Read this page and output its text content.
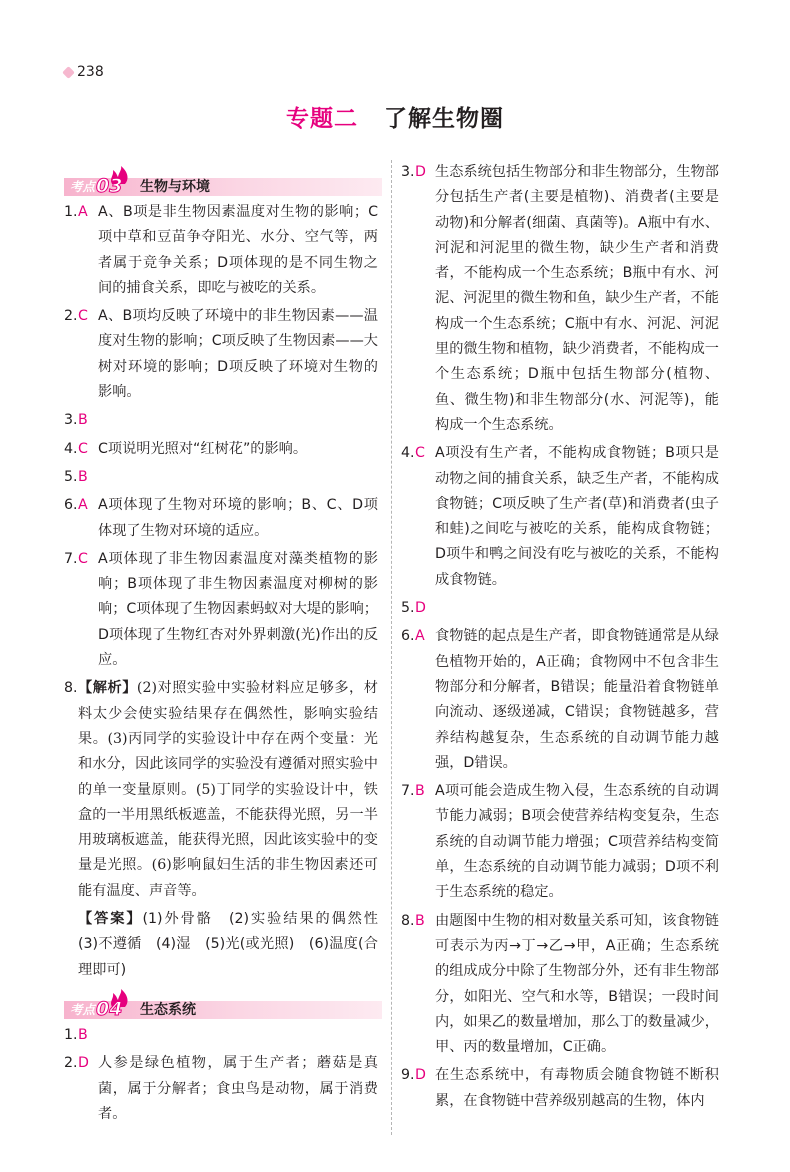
238
专题二 了解生物圈
考点 03 生物与环境
1. A A、B项是非生物因素温度对生物的影响；C项中草和豆苗争夺阳光、水分、空气等，两者属于竞争关系；D项体现的是不同生物之间的捕食关系，即吃与被吃的关系。
2. C A、B项均反映了环境中的非生物因素——温度对生物的影响；C项反映了生物因素——大树对环境的影响；D项反映了环境对生物的影响。
3. B
4. C C项说明光照对“红树花”的影响。
5. B
6. A A项体现了生物对环境的影响；B、C、D项体现了生物对环境的适应。
7. C A项体现了非生物因素温度对藻类植物的影响；B项体现了非生物因素温度对柳树的影响；C项体现了生物因素蚂蚁对大堤的影响；D项体现了生物红杏对外界刺激(光)作出的反应。
8. 【解析】(2)对照实验中实验材料应足够多，材料太少会使实验结果存在偶然性，影响实验结果。(3)丙同学的实验设计中存在两个变量：光和水分，因此该同学的实验没有遵循对照实验中的单一变量原则。(5)丁同学的实验设计中，铁盒的一半用黑纸板遮盖，不能获得光照，另一半用玻璃板遮盖，能获得光照，因此该实验中的变量是光照。(6)影响鼠妇生活的非生物因素还可能有温度、声音等。
【答案】(1)外骨骼　(2)实验结果的偶然性　(3)不遵循　(4)湿　(5)光(或光照)　(6)温度(合理即可)
考点 04 生态系统
1. B
2. D 人参是绿色植物，属于生产者；蘑菇是真菌，属于分解者；食虫鸟是动物，属于消费者。
3. D 生态系统包括生物部分和非生物部分，生物部分包括生产者(主要是植物)、消费者(主要是动物)和分解者(细菌、真菌等)。A瓶中有水、河泥和河泥里的微生物，缺少生产者和消费者，不能构成一个生态系统；B瓶中有水、河泥、河泥里的微生物和鱼，缺少生产者，不能构成一个生态系统；C瓶中有水、河泥、河泥里的微生物和植物，缺少消费者，不能构成一个生态系统；D瓶中包括生物部分(植物、鱼、微生物)和非生物部分(水、河泥等)，能构成一个生态系统。
4. C A项没有生产者，不能构成食物链；B项只是动物之间的捕食关系，缺乏生产者，不能构成食物链；C项反映了生产者(草)和消费者(虫子和蛙)之间吃与被吃的关系，能构成食物链；D项牛和鸭之间没有吃与被吃的关系，不能构成食物链。
5. D
6. A 食物链的起点是生产者，即食物链通常是从绿色植物开始的，A正确；食物网中不包含非生物部分和分解者，B错误；能量沿着食物链单向流动、逐级递减，C错误；食物链越多，营养结构越复杂，生态系统的自动调节能力越强，D错误。
7. B A项可能会造成生物入侵，生态系统的自动调节能力减弱；B项会使营养结构变复杂，生态系统的自动调节能力增强；C项营养结构变简单，生态系统的自动调节能力减弱；D项不利于生态系统的稳定。
8. B 由题图中生物的相对数量关系可知，该食物链可表示为丙→丁→乙→甲，A正确；生态系统的组成成分中除了生物部分外，还有非生物部分，如阳光、空气和水等，B错误；一段时间内，如果乙的数量增加，那么丁的数量减少，甲、丙的数量增加，C正确。
9. D 在生态系统中，有毒物质会随食物链不断积累，在食物链中营养级别越高的生物，体内
